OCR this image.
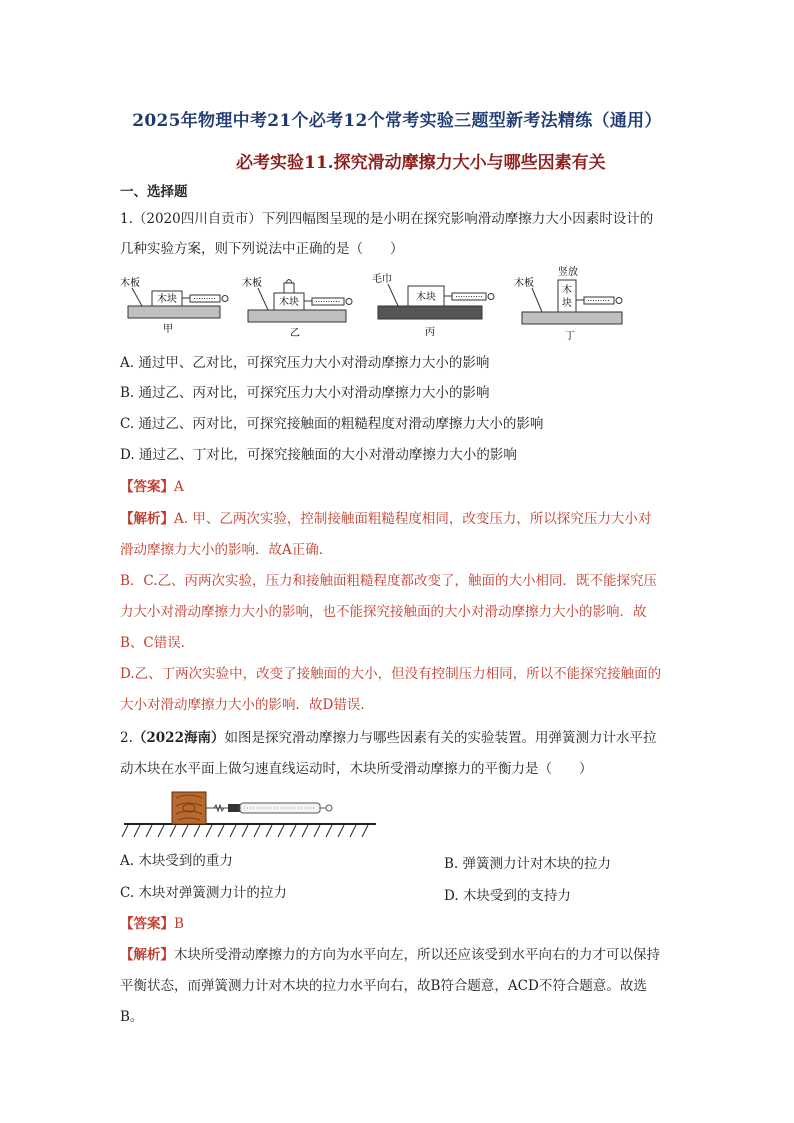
2025年物理中考21个必考12个常考实验三题型新考法精练（通用）
必考实验11.探究滑动摩擦力大小与哪些因素有关
一、选择题
1.（2020四川自贡市）下列四幅图呈现的是小明在探究影响滑动摩擦力大小因素时设计的
几种实验方案，则下列说法中正确的是（　　）
木块
木板
甲
木块
木板
乙
木块
毛巾
丙
木
块
木板
竖放
丁
A. 通过甲、乙对比，可探究压力大小对滑动摩擦力大小的影响
B. 通过乙、丙对比，可探究压力大小对滑动摩擦力大小的影响
C. 通过乙、丙对比，可探究接触面的粗糙程度对滑动摩擦力大小的影响
D. 通过乙、丁对比，可探究接触面的大小对滑动摩擦力大小的影响
【答案】A
【解析】A. 甲、乙两次实验，控制接触面粗糙程度相同，改变压力，所以探究压力大小对
滑动摩擦力大小的影响．故A正确．
B．C.乙、丙两次实验，压力和接触面粗糙程度都改变了，触面的大小相同．既不能探究压
力大小对滑动摩擦力大小的影响，也不能探究接触面的大小对滑动摩擦力大小的影响．故
B、C错误．
D.乙、丁两次实验中，改变了接触面的大小，但没有控制压力相同，所以不能探究接触面的
大小对滑动摩擦力大小的影响．故D错误．
2.（2022海南）如图是探究滑动摩擦力与哪些因素有关的实验装置。用弹簧测力计水平拉
动木块在水平面上做匀速直线运动时，木块所受滑动摩擦力的平衡力是（　　）
A. 木块受到的重力	B. 弹簧测力计对木块的拉力
C. 木块对弹簧测力计的拉力	D. 木块受到的支持力
【答案】B
【解析】木块所受滑动摩擦力的方向为水平向左，所以还应该受到水平向右的力才可以保持
平衡状态，而弹簧测力计对木块的拉力水平向右，故B符合题意，ACD不符合题意。故选
B。
